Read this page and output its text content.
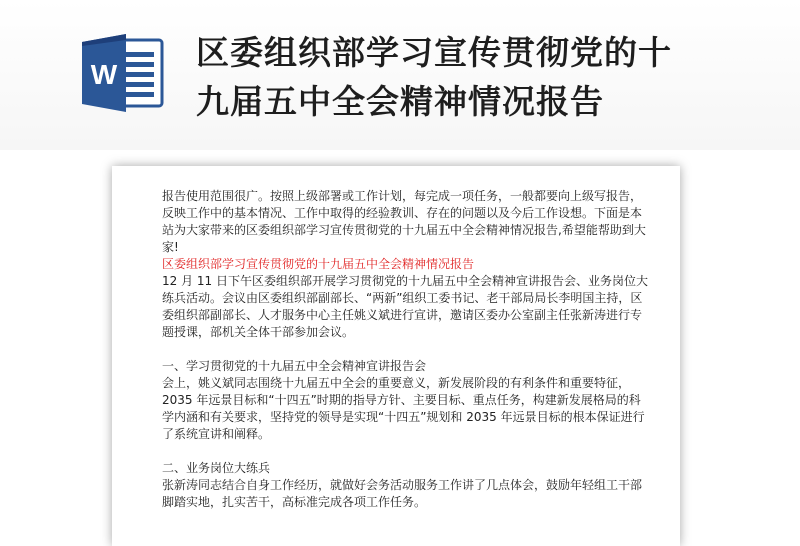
W
区委组织部学习宣传贯彻党的十
九届五中全会精神情况报告

报告使用范围很广。按照上级部署或工作计划，每完成一项任务，一般都要向上级写报告，反映工作中的基本情况、工作中取得的经验教训、存在的问题以及今后工作设想。下面是本站为大家带来的区委组织部学习宣传贯彻党的十九届五中全会精神情况报告,希望能帮助到大家!

区委组织部学习宣传贯彻党的十九届五中全会精神情况报告

12 月 11 日下午区委组织部开展学习贯彻党的十九届五中全会精神宣讲报告会、业务岗位大练兵活动。会议由区委组织部副部长、“两新”组织工委书记、老干部局局长李明国主持，区委组织部副部长、人才服务中心主任姚义斌进行宣讲，邀请区委办公室副主任张新涛进行专题授课，部机关全体干部参加会议。

一、学习贯彻党的十九届五中全会精神宣讲报告会

会上，姚义斌同志围绕十九届五中全会的重要意义，新发展阶段的有利条件和重要特征，2035 年远景目标和“十四五”时期的指导方针、主要目标、重点任务，构建新发展格局的科学内涵和有关要求，坚持党的领导是实现“十四五”规划和 2035 年远景目标的根本保证进行了系统宣讲和阐释。

二、业务岗位大练兵

张新涛同志结合自身工作经历，就做好会务活动服务工作讲了几点体会，鼓励年轻组工干部脚踏实地，扎实苦干，高标准完成各项工作任务。
